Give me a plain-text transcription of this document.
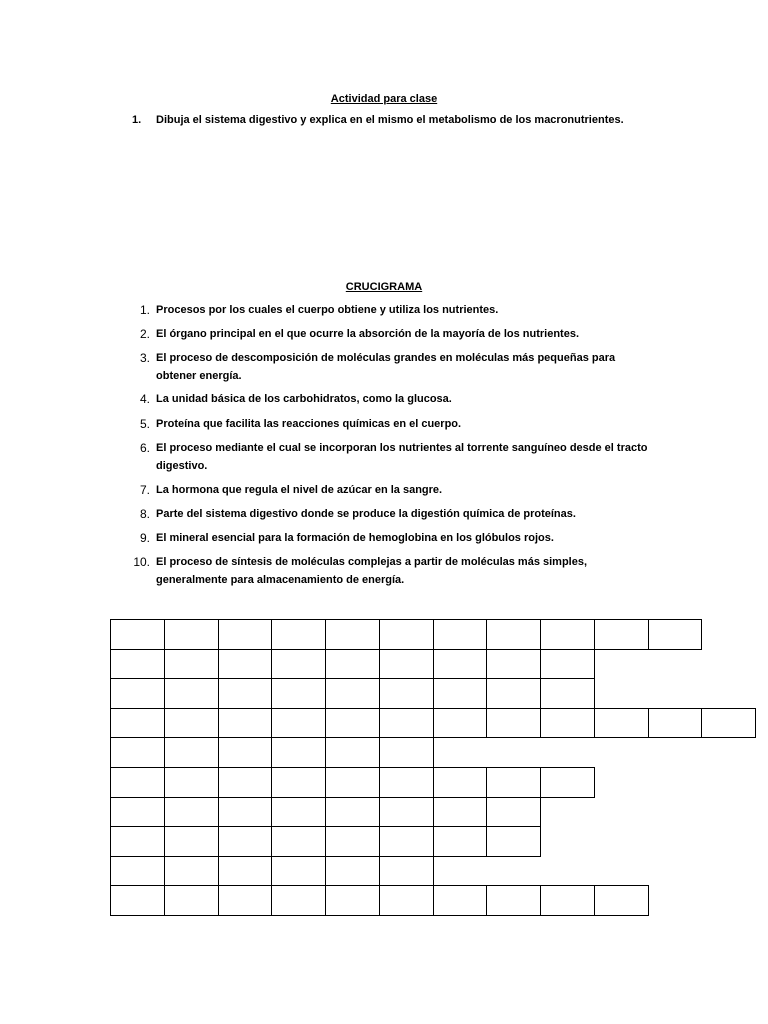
Actividad para clase
1. Dibuja el sistema digestivo y explica en el mismo el metabolismo de los macronutrientes.
CRUCIGRAMA
1. Procesos por los cuales el cuerpo obtiene y utiliza los nutrientes.
2. El órgano principal en el que ocurre la absorción de la mayoría de los nutrientes.
3. El proceso de descomposición de moléculas grandes en moléculas más pequeñas para
obtener energía.
4. La unidad básica de los carbohidratos, como la glucosa.
5. Proteína que facilita las reacciones químicas en el cuerpo.
6. El proceso mediante el cual se incorporan los nutrientes al torrente sanguíneo desde el tracto
digestivo.
7. La hormona que regula el nivel de azúcar en la sangre.
8. Parte del sistema digestivo donde se produce la digestión química de proteínas.
9. El mineral esencial para la formación de hemoglobina en los glóbulos rojos.
10. El proceso de síntesis de moléculas complejas a partir de moléculas más simples,
generalmente para almacenamiento de energía.
